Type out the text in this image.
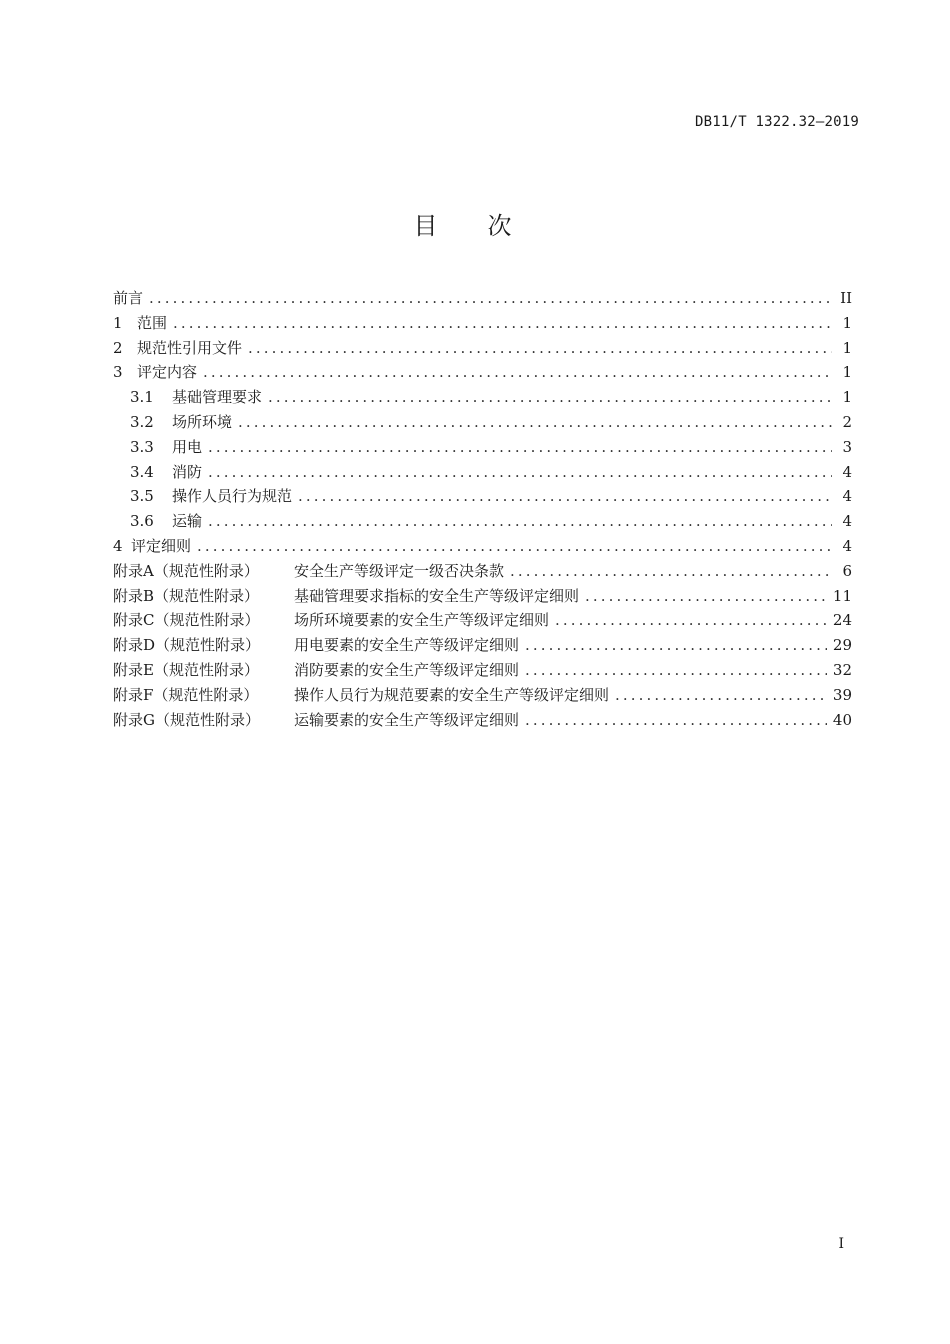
DB11/T 1322.32—2019
目次
前言 .....	II
1 范围 .....	1
2 规范性引用文件 .....	1
3 评定内容 .....	1
3.1	基础管理要求 .....	1
3.2	场所环境 .....	2
3.3	用电 .....	3
3.4	消防 .....	4
3.5	操作人员行为规范 .....	4
3.6	运输 .....	4
4 评定细则 .....	4
附录A（规范性附录）	安全生产等级评定一级否决条款 .....	6
附录B（规范性附录）	基础管理要求指标的安全生产等级评定细则 .....	11
附录C（规范性附录）	场所环境要素的安全生产等级评定细则 .....	24
附录D（规范性附录）	用电要素的安全生产等级评定细则 .....	29
附录E（规范性附录）	消防要素的安全生产等级评定细则 .....	32
附录F（规范性附录）	操作人员行为规范要素的安全生产等级评定细则 .....	39
附录G（规范性附录）	运输要素的安全生产等级评定细则 .....	40
I
